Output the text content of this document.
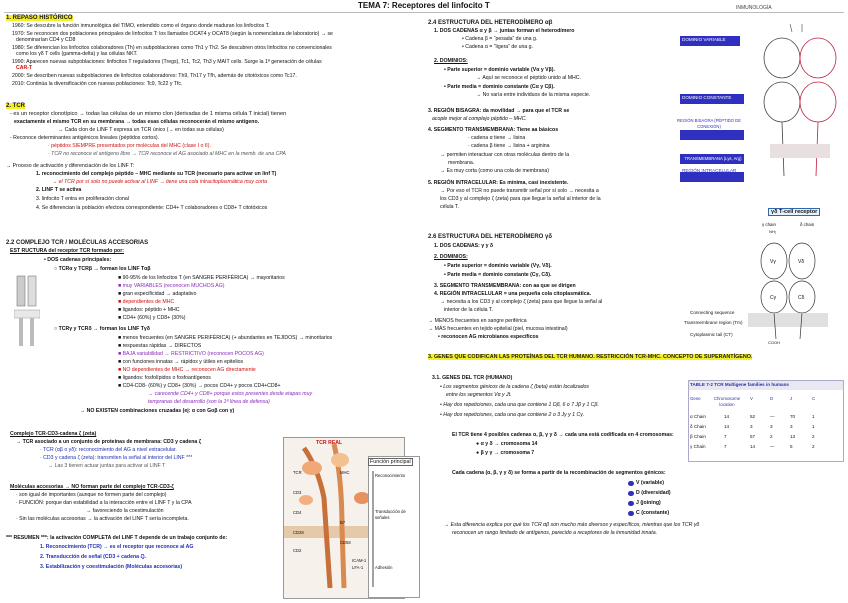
TEMA 7: Receptores del linfocito T	INMUNOLOGÍA
1. REPASO HISTÓRICO
1960: Se descubre la función inmunológica del TIMO, entendido como el órgano donde maduran los linfocitos T.
1970: Se reconocen dos poblaciones principales de linfocitos T: los llamados OCAT4 y OCAT8 (según la nomenclatura de laboratorio) → se
denominarían CD4 y CD8
1980: Se diferencian los linfocitos colaboradores (Th) en subpoblaciones como Th1 y Th2. Se descubren otros linfocitos no convencionales
como los γδ T cells (gamma-delta) y las células NKT.
1990: Aparecen nuevas subpoblaciones: linfocitos T reguladores (Tregs), Tc1, Tc2, Th3 y MAIT cells. Surge la 1ª generación de células
CAR-T
2000: Se describen nuevas subpoblaciones de linfocitos colaboradores: Th9, Th17 y Tfh, además de citotóxicos como Tc17.
2010: Continúa la diversificación con nuevas poblaciones: Tc9, Tc22 y Tfc.
2. TCR
- es un receptor clonotípico → todas las células de un mismo clon (derivadas de 1 misma célula T inicial) tienen
exactamente el mismo TCR en su membrana → todas esas células reconocerán el mismo antígeno.
→ Cada clon de LINF T expresa un TCR único (→ en todas sus células)
- Reconoce determinantes antigénicos lineales (péptidos cortos).
· péptidos SIEMPRE presentados por moléculas del MHC (clase I o II).
· TCR no reconoce el antígeno libre → TCR reconoce el AG asociado al MHC en la memb. de una CPA
→ Proceso de activación y diferenciación de los LINF T:
1. reconocimiento del complejo péptido – MHC mediante su TCR (necesario para activar un linf T)
→ el TCR por sí solo no puede activar al LINF → tiene una cola intracitoplasmática muy corta
2. LINF T se activa
3. linfocito T entra en proliferación clonal
4. Se diferencian la población efectora correspondiente: CD4+ T colaboradores o CD8+ T citotóxicos
2.2 COMPLEJO TCR / MOLÉCULAS ACCESORIAS
EST RUCTURA del receptor TCR formado por:
• DOS cadenas principales:
○ TCRα y TCRβ → forman los LINF Tαβ
■ 90-95% de los linfocitos T (en SANGRE PERIFÉRICA) → mayoritarios
■ muy VARIABLES (reconocen MUCHOS AG)
■ gran especificidad → adaptativo
■ dependientes de MHC
■ ligandos: péptido + MHC
■ CD4+ (60%) y CD8+ (30%)
○ TCRγ y TCRδ → forman los LINF Tγδ
■ menos frecuentes (en SANGRE PERIFÉRICA) (+ abundantes en TEJIDOS) → minoritarios
■ respuestas rápidas → DIRECTOS
■ BAJA variabilidad → RESTRICTIVO (reconocen POCOS AG)
■ con funciones innatas → rápidos y útiles en epitelios
■ NO dependientes de MHC → reconocen AG directamente
■ ligandos: fosfolípidos o fosfoantígenos
■ CD4-CD8- (60%) y CD8+ (30%) → pocos CD4+ y pocos CD4+CD8+
→ carecende CD4+ y CD8+ porque estos presentes desde etapas muy
tempranas del desarrollo (son la 1ª línea de defensa)
→ NO EXISTEN combinaciones cruzadas (ej: α con Goβ con γ)
Complejo TCR-CD3-cadena ζ (zeta)
→ TCR asociado a un conjunto de proteínas de membrana: CD3 y cadena ζ
· TCR (αβ o γδ): reconocimiento del AG a nivel extracelular.
· CD3 y cadena ζ (zeta): transmiten la señal al interior del LINF ***
→ Las 3 tienen actuar juntas para activar al LINF T
Moléculas accesorias → NO forman parte del complejo TCR-CD3-ζ
· son igual de importantes (aunque no formen parte del complejo)
· FUNCIÓN: porque dan estabilidad a la interacción entre el LINF T y la CPA
→ favoreciendo la coestimulación
· Sin las moléculas accesorias → la activación del LINF T sería incompleta.
*** RESUMEN ***: la activación COMPLETA del LINF T depende de un trabajo conjunto de:
1. Reconocimiento (TCR) → es el receptor que reconoce al AG
2. Transducción de señal (CD3 + cadena ζ).
3. Estabilización y coestimulación (Moléculas accesorias)
TCR REAL
TCR
CD3
CD4
CD28
CD2
MHC
B7
CD58
ICAM-1
LFA-1
Función principal
Reconocimiento
Transducción de señales
Adhesión
2.4 ESTRUCTURA DEL HETERODÍMERO αβ
1. DOS CADENAS α y β → juntas forman el heterodímero
• Cadena β = “pesada” de una g.
• Cadena α = “ligera” de una g.
2. DOMINIOS:
• Parte superior = dominio variable (Vα y Vβ).
→ Aquí se reconoce el péptido unido al MHC.
• Parte media = dominio constante (Cα y Cβ).
→ No varía entre individuos de la misma especie.
3. REGIÓN BISAGRA: da movilidad → para que el TCR se
acople mejor al complejo péptido – MHC.
4. SEGMENTO TRANSMEMBRANA: Tiene aa básicos
· cadena α tiene → lisina
· cadena β tiene → lisina + arginina
→ permiten interactuar con otras moléculas dentro de la
membrana.
→ Es muy corta (como una cola de membrana)
5. REGIÓN INTRACELULAR: Es mínima, casi inexistente.
→ Por eso el TCR no puede transmitir señal por sí solo → necesita a
los CD3 y al complejo ζ (zeta) para que llegue la señal al interior de la
célula T.
DOMINIO VARIABLE
DOMINIO CONSTANTE
REGIÓN BISAGRA (PÉPTIDO DE CONEXIÓN)
SEGMENTO TRANSMEMBRANA (Lys, Arg)
REGIÓN INTRACELULAR
2.6 ESTRUCTURA DEL HETERODÍMERO γδ
1. DOS CADENAS: γ y δ
2. DOMINIOS:
• Parte superior = dominio variable (Vγ, Vδ).
• Parte media = dominio constante (Cγ, Cδ).
3. SEGMENTO TRANSMEMBRANA: con aa que se dirigen
4. REGIÓN INTRACELULAR = una pequeña cola citoplasmática.
→ necesita a los CD3 y al complejo ζ (zeta) para que llegue la señal al
interior de la célula T.
→ MENOS frecuentes en sangre periférica
→ MÁS frecuentes en tejido epitelial (piel, mucosa intestinal)
• reconocen AG microbianos específicos
γδ T-cell receptor
γ chain	δ chain
NH₂
Vγ	Vδ
Cγ	Cδ
Connecting sequence
Transmembrane region (Tm)
Cytoplasmic tail (CT)
COOH
3. GENES QUE CODIFICAN LAS PROTEÍNAS DEL TCR HUMANO. RESTRICCIÓN TCR-MHC. CONCEPTO DE SUPERANTÍGENO.
3.1. GENES DEL TCR (HUMANO)
• Los segmentos génicos de la cadena ζ (beta) están localizados
entre los segmentos Vα y Jt.
• Hay dos repeticiones, cada una que contiene 1 Dβ, 6 o 7 Jβ y 1 Cβ.
• Hay dos repeticiones, cada una que contiene 2 o 3 Jγ y 1 Cγ.
El TCR tiene 4 posibles cadenas α, β, γ y δ → cada una está codificada en 4 cromosomas:
● α y δ → cromosoma 14
● β y γ → cromosoma 7
Cada cadena (α, β, γ y δ) se forma a partir de la recombinación de segmentos génicos:
V (variable)
D (diversidad)
J (joining)
C (constante)
→ Esta diferencia explica por qué los TCR αβ son mucho más diversos y específicos, mientras que los TCR γδ
reconocen un rango limitado de antígenos, parecido a receptores de la inmunidad innata.
TABLE 7-2 TCR Multigene families in humans
Gene	Chromosome location
V	D	J	C
α Chain	14	52	—	70	1
δ Chain	14	3	3	3	1
β Chain	7	57	2	13	2
γ Chain	7	14	—	5	2
